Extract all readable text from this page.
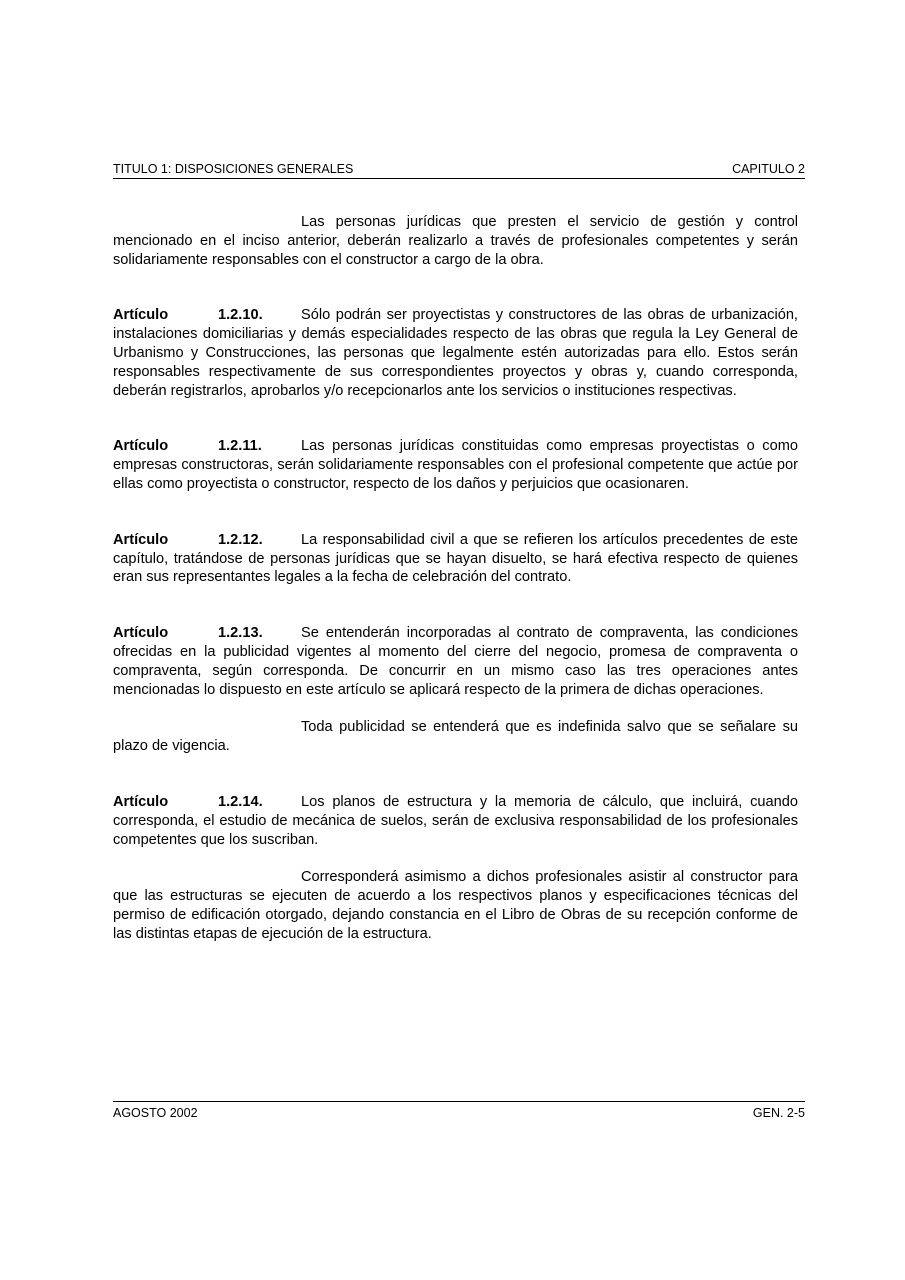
TITULO 1: DISPOSICIONES GENERALES	CAPITULO 2

Las personas jurídicas que presten el servicio de gestión y control mencionado en el inciso anterior, deberán realizarlo a través de profesionales competentes y serán solidariamente responsables con el constructor a cargo de la obra.

Artículo	1.2.10.	Sólo podrán ser proyectistas y constructores de las obras de urbanización, instalaciones domiciliarias y demás especialidades respecto de las obras que regula la Ley General de Urbanismo y Construcciones, las personas que legalmente estén autorizadas para ello. Estos serán responsables respectivamente de sus correspondientes proyectos y obras y, cuando corresponda, deberán registrarlos, aprobarlos y/o recepcionarlos ante los servicios o instituciones respectivas.

Artículo	1.2.11.	Las personas jurídicas constituidas como empresas proyectistas o como empresas constructoras, serán solidariamente responsables con el profesional competente que actúe por ellas como proyectista o constructor, respecto de los daños y perjuicios que ocasionaren.

Artículo	1.2.12.	La responsabilidad civil a que se refieren los artículos precedentes de este capítulo, tratándose de personas jurídicas que se hayan disuelto, se hará efectiva respecto de quienes eran sus representantes legales a la fecha de celebración del contrato.

Artículo	1.2.13.	Se entenderán incorporadas al contrato de compraventa, las condiciones ofrecidas en la publicidad vigentes al momento del cierre del negocio, promesa de compraventa o compraventa, según corresponda. De concurrir en un mismo caso las tres operaciones antes mencionadas lo dispuesto en este artículo se aplicará respecto de la primera de dichas operaciones.

Toda publicidad se entenderá que es indefinida salvo que se señalare su plazo de vigencia.

Artículo	1.2.14.	Los planos de estructura y la memoria de cálculo, que incluirá, cuando corresponda, el estudio de mecánica de suelos, serán de exclusiva responsabilidad de los profesionales competentes que los suscriban.

Corresponderá asimismo a dichos profesionales asistir al constructor para que las estructuras se ejecuten de acuerdo a los respectivos planos y especificaciones técnicas del permiso de edificación otorgado, dejando constancia en el Libro de Obras de su recepción conforme de las distintas etapas de ejecución de la estructura.

AGOSTO 2002	GEN. 2-5
